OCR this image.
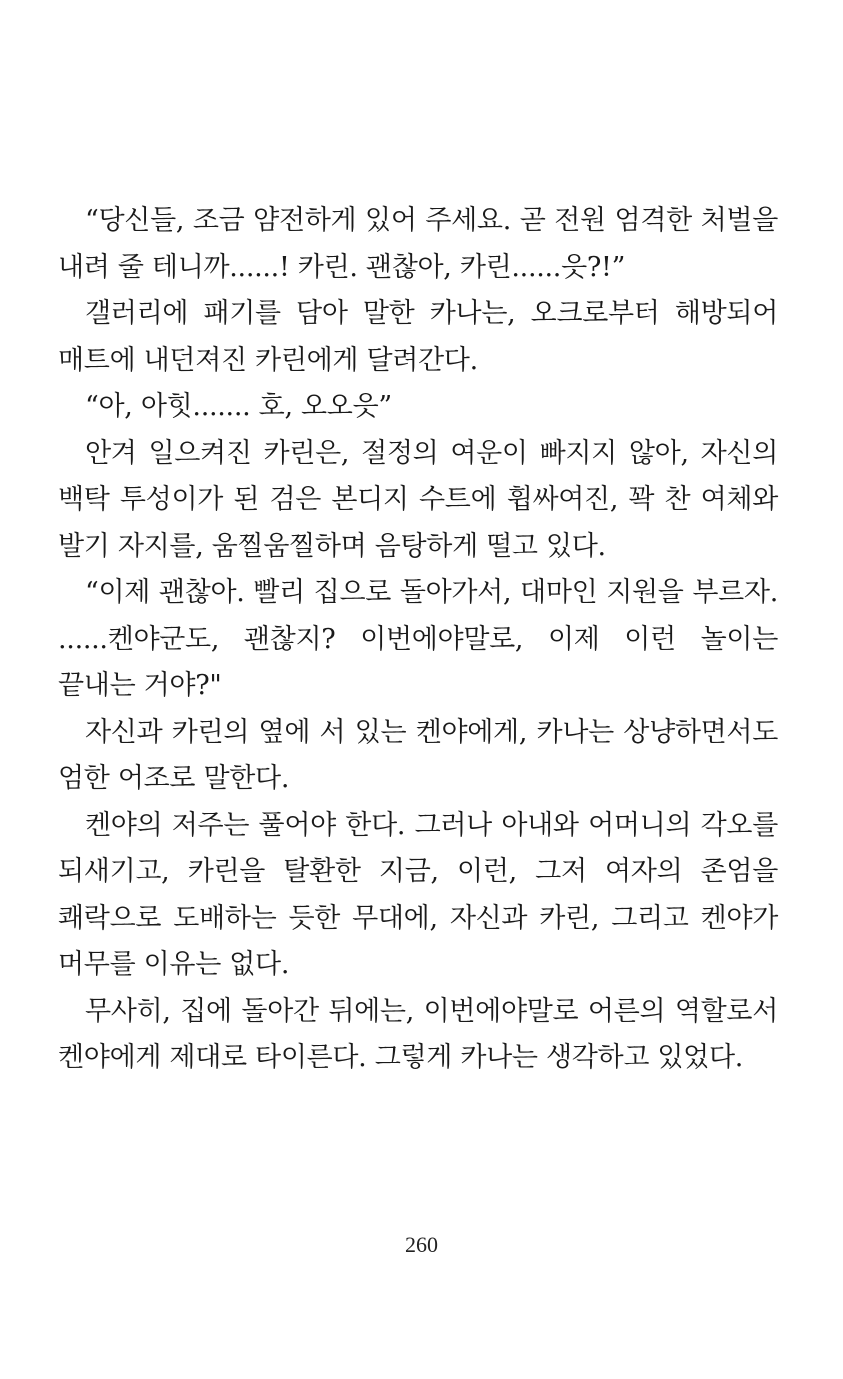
“당신들, 조금 얌전하게 있어 주세요. 곧 전원 엄격한 처벌을 내려 줄 테니까......! 카린. 괜찮아, 카린......읏?!”

갤러리에 패기를 담아 말한 카나는, 오크로부터 해방되어 매트에 내던져진 카린에게 달려간다.

“아, 아힛....... 호, 오오읏”

안겨 일으켜진 카린은, 절정의 여운이 빠지지 않아, 자신의 백탁 투성이가 된 검은 본디지 수트에 휩싸여진, 꽉 찬 여체와 발기 자지를, 움찔움찔하며 음탕하게 떨고 있다.

“이제 괜찮아. 빨리 집으로 돌아가서, 대마인 지원을 부르자. ......켄야군도, 괜찮지? 이번에야말로, 이제 이런 놀이는 끝내는 거야?"

자신과 카린의 옆에 서 있는 켄야에게, 카나는 상냥하면서도 엄한 어조로 말한다.

켄야의 저주는 풀어야 한다. 그러나 아내와 어머니의 각오를 되새기고, 카린을 탈환한 지금, 이런, 그저 여자의 존엄을 쾌락으로 도배하는 듯한 무대에, 자신과 카린, 그리고 켄야가 머무를 이유는 없다.

무사히, 집에 돌아간 뒤에는, 이번에야말로 어른의 역할로서 켄야에게 제대로 타이른다. 그렇게 카나는 생각하고 있었다.

260
